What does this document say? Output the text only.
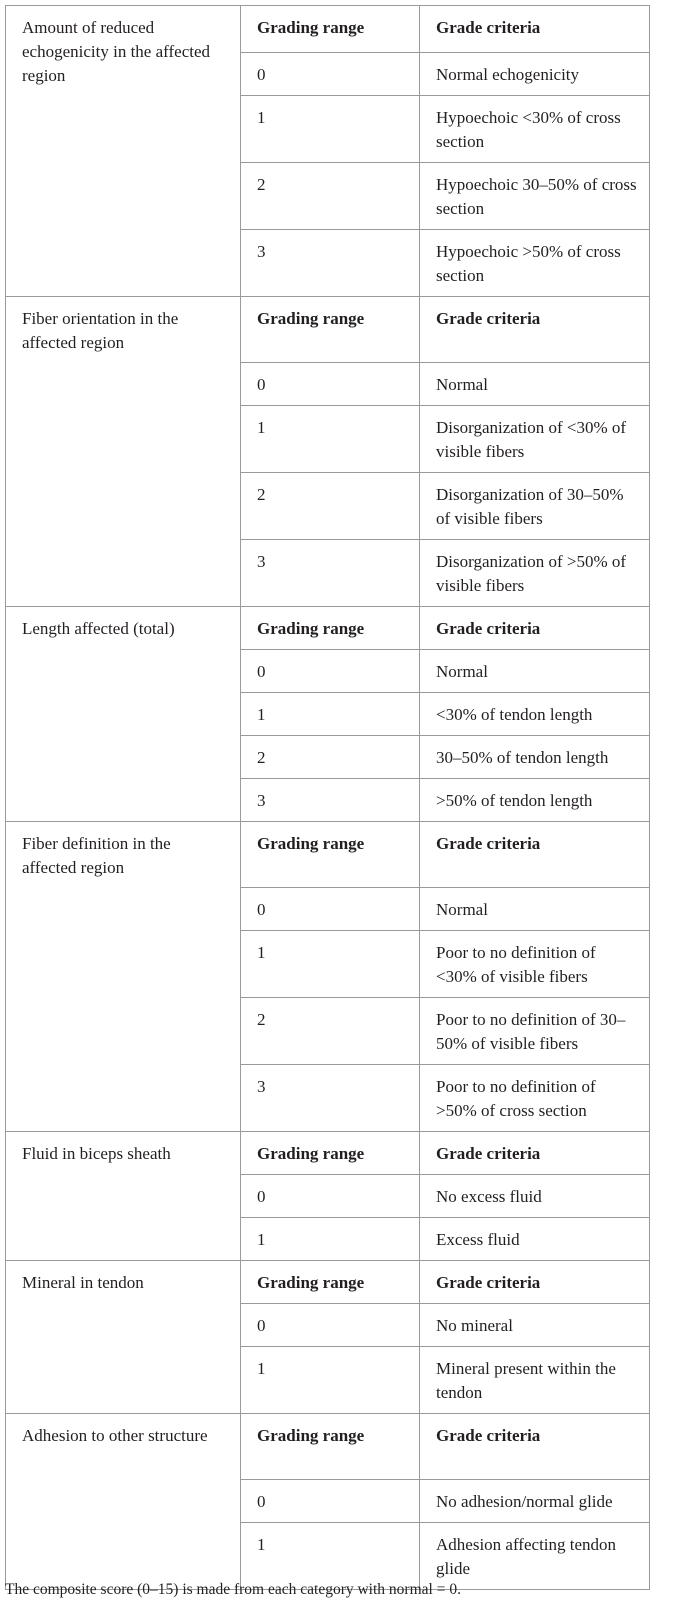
Amount of reduced echogenicity in the affected region	Grading range	Grade criteria
	0	Normal echogenicity
	1	Hypoechoic <30% of cross section
	2	Hypoechoic 30–50% of cross section
	3	Hypoechoic >50% of cross section
Fiber orientation in the affected region	Grading range	Grade criteria
	0	Normal
	1	Disorganization of <30% of visible fibers
	2	Disorganization of 30–50% of visible fibers
	3	Disorganization of >50% of visible fibers
Length affected (total)	Grading range	Grade criteria
	0	Normal
	1	<30% of tendon length
	2	30–50% of tendon length
	3	>50% of tendon length
Fiber definition in the affected region	Grading range	Grade criteria
	0	Normal
	1	Poor to no definition of <30% of visible fibers
	2	Poor to no definition of 30–50% of visible fibers
	3	Poor to no definition of >50% of cross section
Fluid in biceps sheath	Grading range	Grade criteria
	0	No excess fluid
	1	Excess fluid
Mineral in tendon	Grading range	Grade criteria
	0	No mineral
	1	Mineral present within the tendon
Adhesion to other structure	Grading range	Grade criteria
	0	No adhesion/normal glide
	1	Adhesion affecting tendon glide

The composite score (0–15) is made from each category with normal = 0.
